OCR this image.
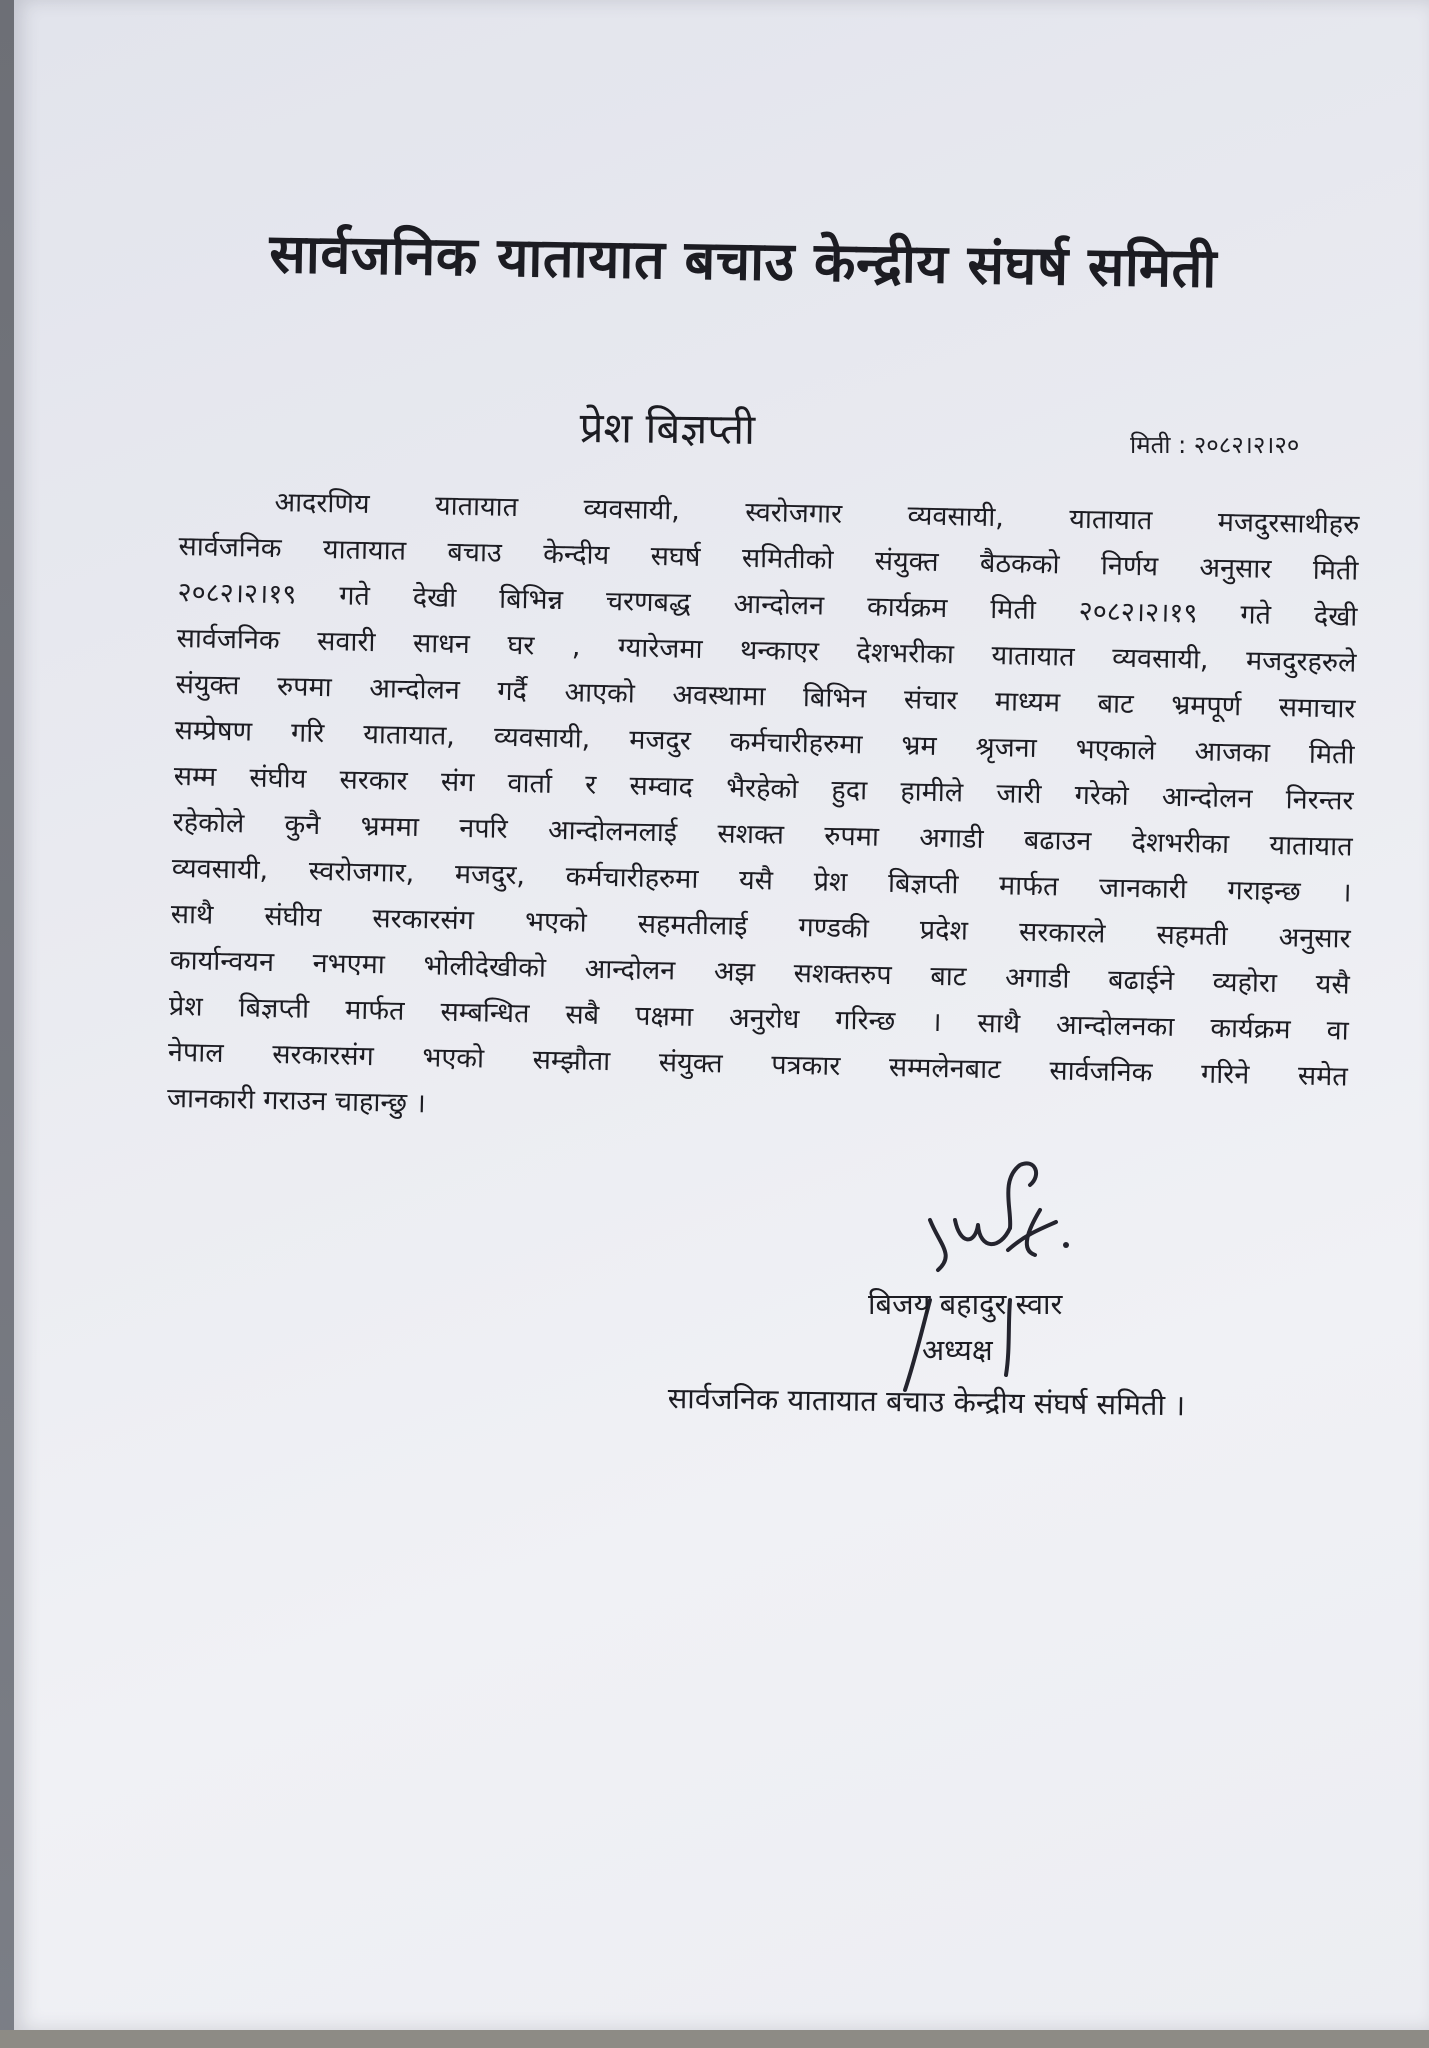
सार्वजनिक यातायात बचाउ केन्द्रीय संघर्ष समिती
प्रेश बिज्ञप्ती	मिती : २०८२।२।२०
आदरणिय यातायात व्यवसायी, स्वरोजगार व्यवसायी, यातायात मजदुरसाथीहरु
सार्वजनिक यातायात बचाउ केन्दीय सघर्ष समितीको संयुक्त बैठकको निर्णय अनुसार मिती
२०८२।२।१९ गते देखी बिभिन्न चरणबद्ध आन्दोलन कार्यक्रम मिती २०८२।२।१९ गते देखी
सार्वजनिक सवारी साधन घर , ग्यारेजमा थन्काएर देशभरीका यातायात व्यवसायी, मजदुरहरुले
संयुक्त रुपमा आन्दोलन गर्दै आएको अवस्थामा बिभिन संचार माध्यम बाट भ्रमपूर्ण समाचार
सम्प्रेषण गरि यातायात, व्यवसायी, मजदुर कर्मचारीहरुमा भ्रम श्रृजना भएकाले आजका मिती
सम्म संघीय सरकार संग वार्ता र सम्वाद भैरहेको हुदा हामीले जारी गरेको आन्दोलन निरन्तर
रहेकोले कुनै भ्रममा नपरि आन्दोलनलाई सशक्त रुपमा अगाडी बढाउन देशभरीका यातायात
व्यवसायी, स्वरोजगार, मजदुर, कर्मचारीहरुमा यसै प्रेश बिज्ञप्ती मार्फत जानकारी गराइन्छ ।
साथै संघीय सरकारसंग भएको सहमतीलाई गण्डकी प्रदेश सरकारले सहमती अनुसार
कार्यान्वयन नभएमा भोलीदेखीको आन्दोलन अझ सशक्तरुप बाट अगाडी बढाईने व्यहोरा यसै
प्रेश बिज्ञप्ती मार्फत सम्बन्धित सबै पक्षमा अनुरोध गरिन्छ । साथै आन्दोलनका कार्यक्रम वा
नेपाल सरकारसंग भएको सम्झौता संयुक्त पत्रकार सम्मलेनबाट सार्वजनिक गरिने समेत
जानकारी गराउन चाहान्छु ।
बिजय बहादुर स्वार
अध्यक्ष
सार्वजनिक यातायात बचाउ केन्द्रीय संघर्ष समिती ।
